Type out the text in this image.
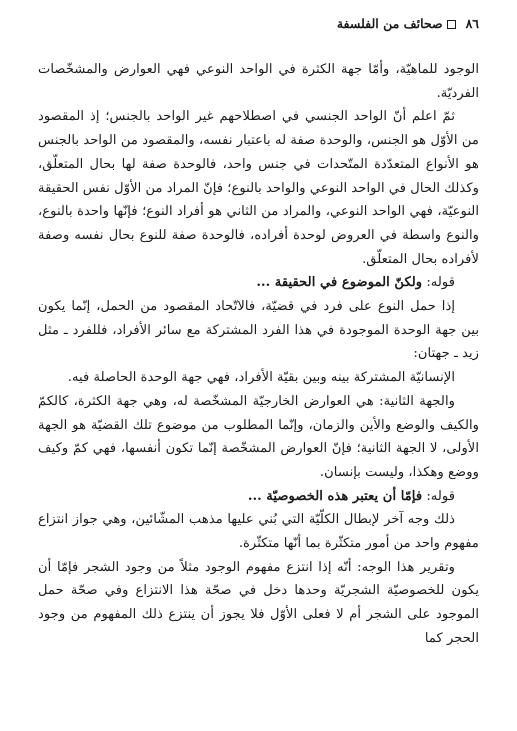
٨٦
صحائف من الفلسفة

الوجود للماهيّة، وأمّا جهة الكثرة في الواحد النوعي فهي العوارض والمشخّصات الفرديّة.

ثمّ اعلم أنّ الواحد الجنسي في اصطلاحهم غير الواحد بالجنس؛ إذ المقصود من الأوّل هو الجنس، والوحدة صفة له باعتبار نفسه، والمقصود من الواحد بالجنس هو الأنواع المتعدّدة المتّحدات في جنس واحد، فالوحدة صفة لها بحال المتعلّق، وكذلك الحال في الواحد النوعي والواحد بالنوع؛ فإنّ المراد من الأوّل نفس الحقيقة النوعيّة، فهي الواحد النوعي، والمراد من الثاني هو أفراد النوع؛ فإنّها واحدة بالنوع، والنوع واسطة في العروض لوحدة أفراده، فالوحدة صفة للنوع بحال نفسه وصفة لأفراده بحال المتعلّق.

قوله: ولكنّ الموضوع في الحقيقة ...

إذا حمل النوع على فرد في قضيّة، فالاتّحاد المقصود من الحمل، إنّما يكون بين جهة الوحدة الموجودة في هذا الفرد المشتركة مع سائر الأفراد، فللفرد ـ مثل زيد ـ جهتان:

الإنسانيّة المشتركة بينه وبين بقيّة الأفراد، فهي جهة الوحدة الحاصلة فيه.

والجهة الثانية: هي العوارض الخارجيّة المشخّصة له، وهي جهة الكثرة، كالكمّ والكيف والوضع والأين والزمان، وإنّما المطلوب من موضوع تلك القضيّة هو الجهة الأولى، لا الجهة الثانية؛ فإنّ العوارض المشخّصة إنّما تكون أنفسها، فهي كمّ وكيف ووضع وهكذا، وليست بإنسان.

قوله: فإمّا أن يعتبر هذه الخصوصيّة ...

ذلك وجه آخر لإبطال الكلّيّة التي بُني عليها مذهب المشّائين، وهي جواز انتزاع مفهوم واحد من أمور متكثّرة بما أنّها متكثّرة.

وتقرير هذا الوجه: أنّه إذا انتزع مفهوم الوجود مثلاً من وجود الشجر فإمّا أن يكون للخصوصيّة الشجريّة وحدها دخل في صحّة هذا الانتزاع وفي صحّة حمل الموجود على الشجر أم لا فعلى الأوّل فلا يجوز أن ينتزع ذلك المفهوم من وجود الحجر كما
